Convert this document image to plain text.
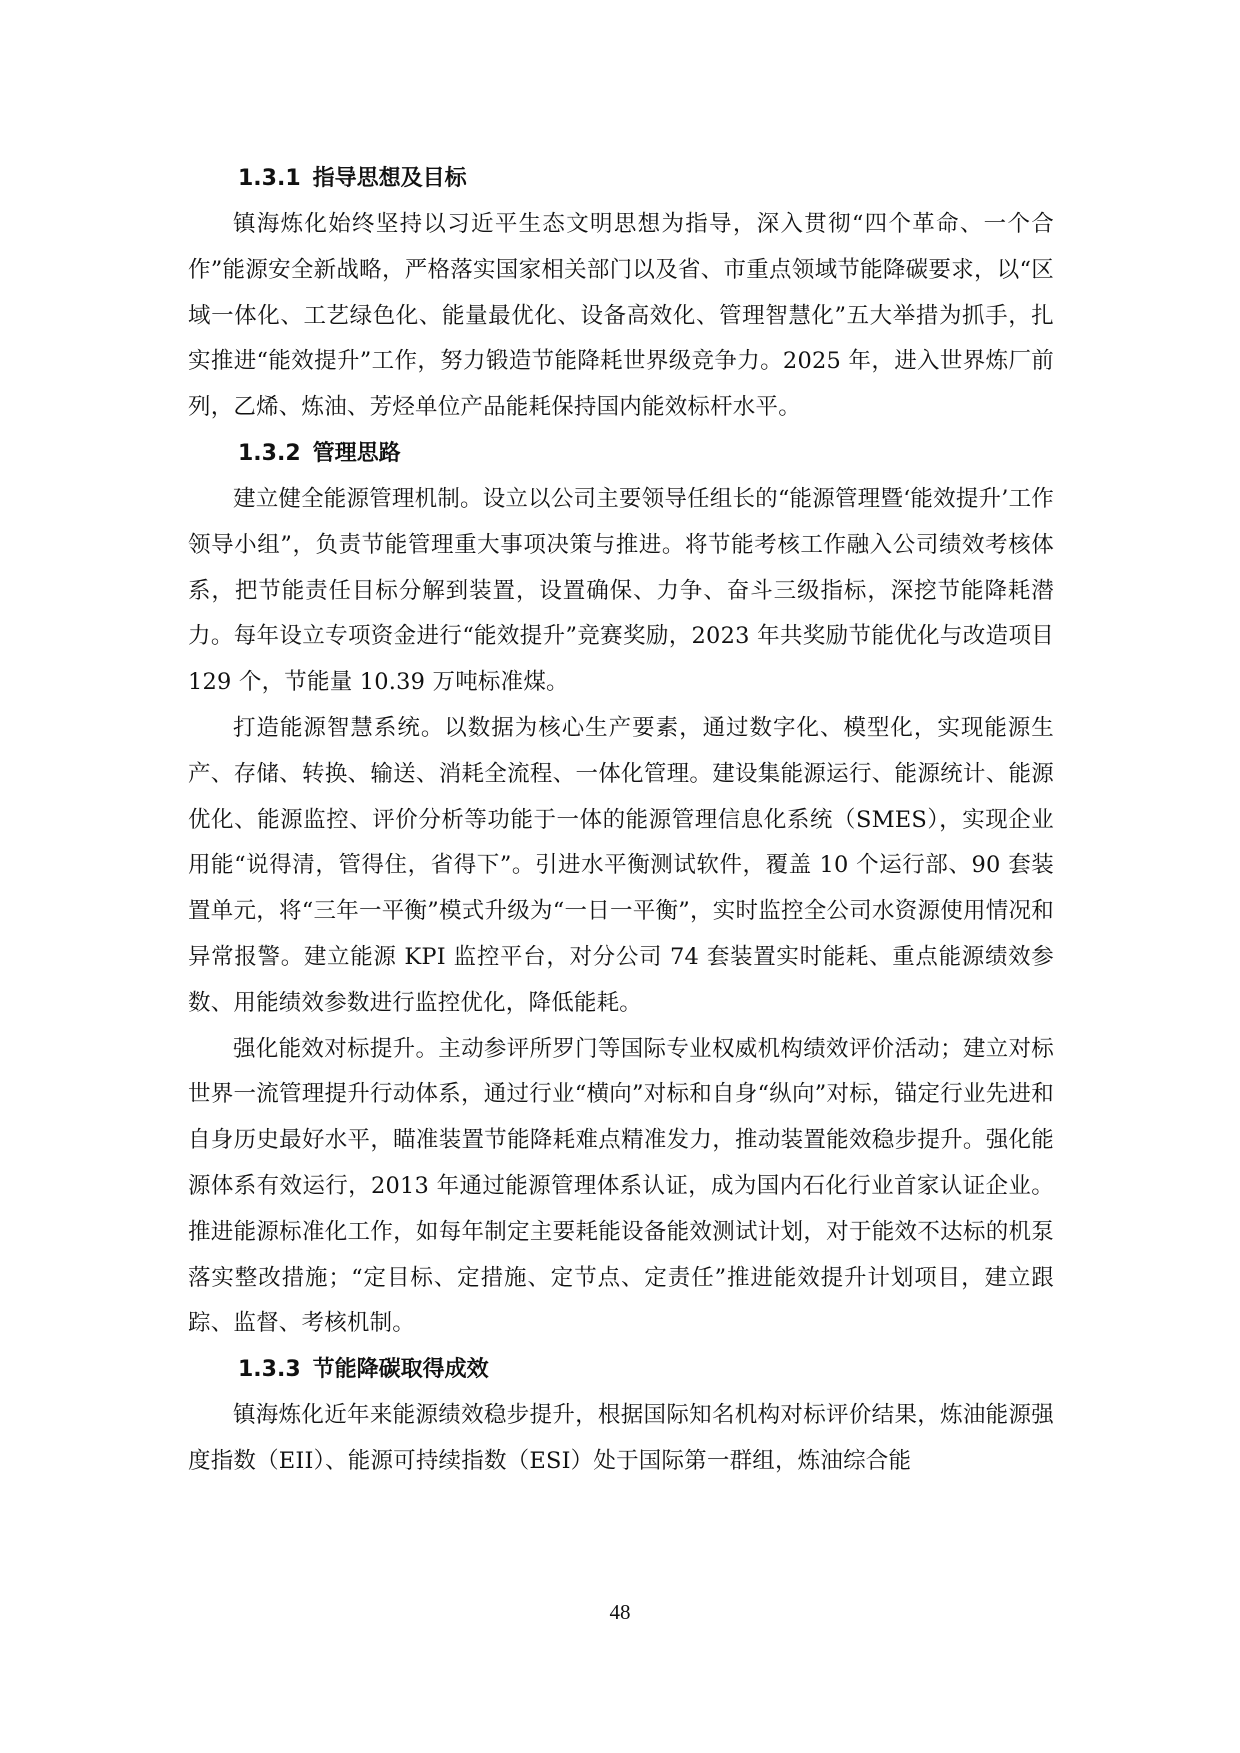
1.3.1 指导思想及目标

镇海炼化始终坚持以习近平生态文明思想为指导，深入贯彻“四个革命、一个合作”能源安全新战略，严格落实国家相关部门以及省、市重点领域节能降碳要求，以“区域一体化、工艺绿色化、能量最优化、设备高效化、管理智慧化”五大举措为抓手，扎实推进“能效提升”工作，努力锻造节能降耗世界级竞争力。2025 年，进入世界炼厂前列，乙烯、炼油、芳烃单位产品能耗保持国内能效标杆水平。

1.3.2 管理思路

建立健全能源管理机制。设立以公司主要领导任组长的“能源管理暨‘能效提升’工作领导小组”，负责节能管理重大事项决策与推进。将节能考核工作融入公司绩效考核体系，把节能责任目标分解到装置，设置确保、力争、奋斗三级指标，深挖节能降耗潜力。每年设立专项资金进行“能效提升”竞赛奖励，2023 年共奖励节能优化与改造项目 129 个，节能量 10.39 万吨标准煤。

打造能源智慧系统。以数据为核心生产要素，通过数字化、模型化，实现能源生产、存储、转换、输送、消耗全流程、一体化管理。建设集能源运行、能源统计、能源优化、能源监控、评价分析等功能于一体的能源管理信息化系统（SMES），实现企业用能“说得清，管得住，省得下”。引进水平衡测试软件，覆盖 10 个运行部、90 套装置单元，将“三年一平衡”模式升级为“一日一平衡”，实时监控全公司水资源使用情况和异常报警。建立能源 KPI 监控平台，对分公司 74 套装置实时能耗、重点能源绩效参数、用能绩效参数进行监控优化，降低能耗。

强化能效对标提升。主动参评所罗门等国际专业权威机构绩效评价活动；建立对标世界一流管理提升行动体系，通过行业“横向”对标和自身“纵向”对标，锚定行业先进和自身历史最好水平，瞄准装置节能降耗难点精准发力，推动装置能效稳步提升。强化能源体系有效运行，2013 年通过能源管理体系认证，成为国内石化行业首家认证企业。推进能源标准化工作，如每年制定主要耗能设备能效测试计划，对于能效不达标的机泵落实整改措施；“定目标、定措施、定节点、定责任”推进能效提升计划项目，建立跟踪、监督、考核机制。

1.3.3 节能降碳取得成效

镇海炼化近年来能源绩效稳步提升，根据国际知名机构对标评价结果，炼油能源强度指数（EII）、能源可持续指数（ESI）处于国际第一群组，炼油综合能

48
